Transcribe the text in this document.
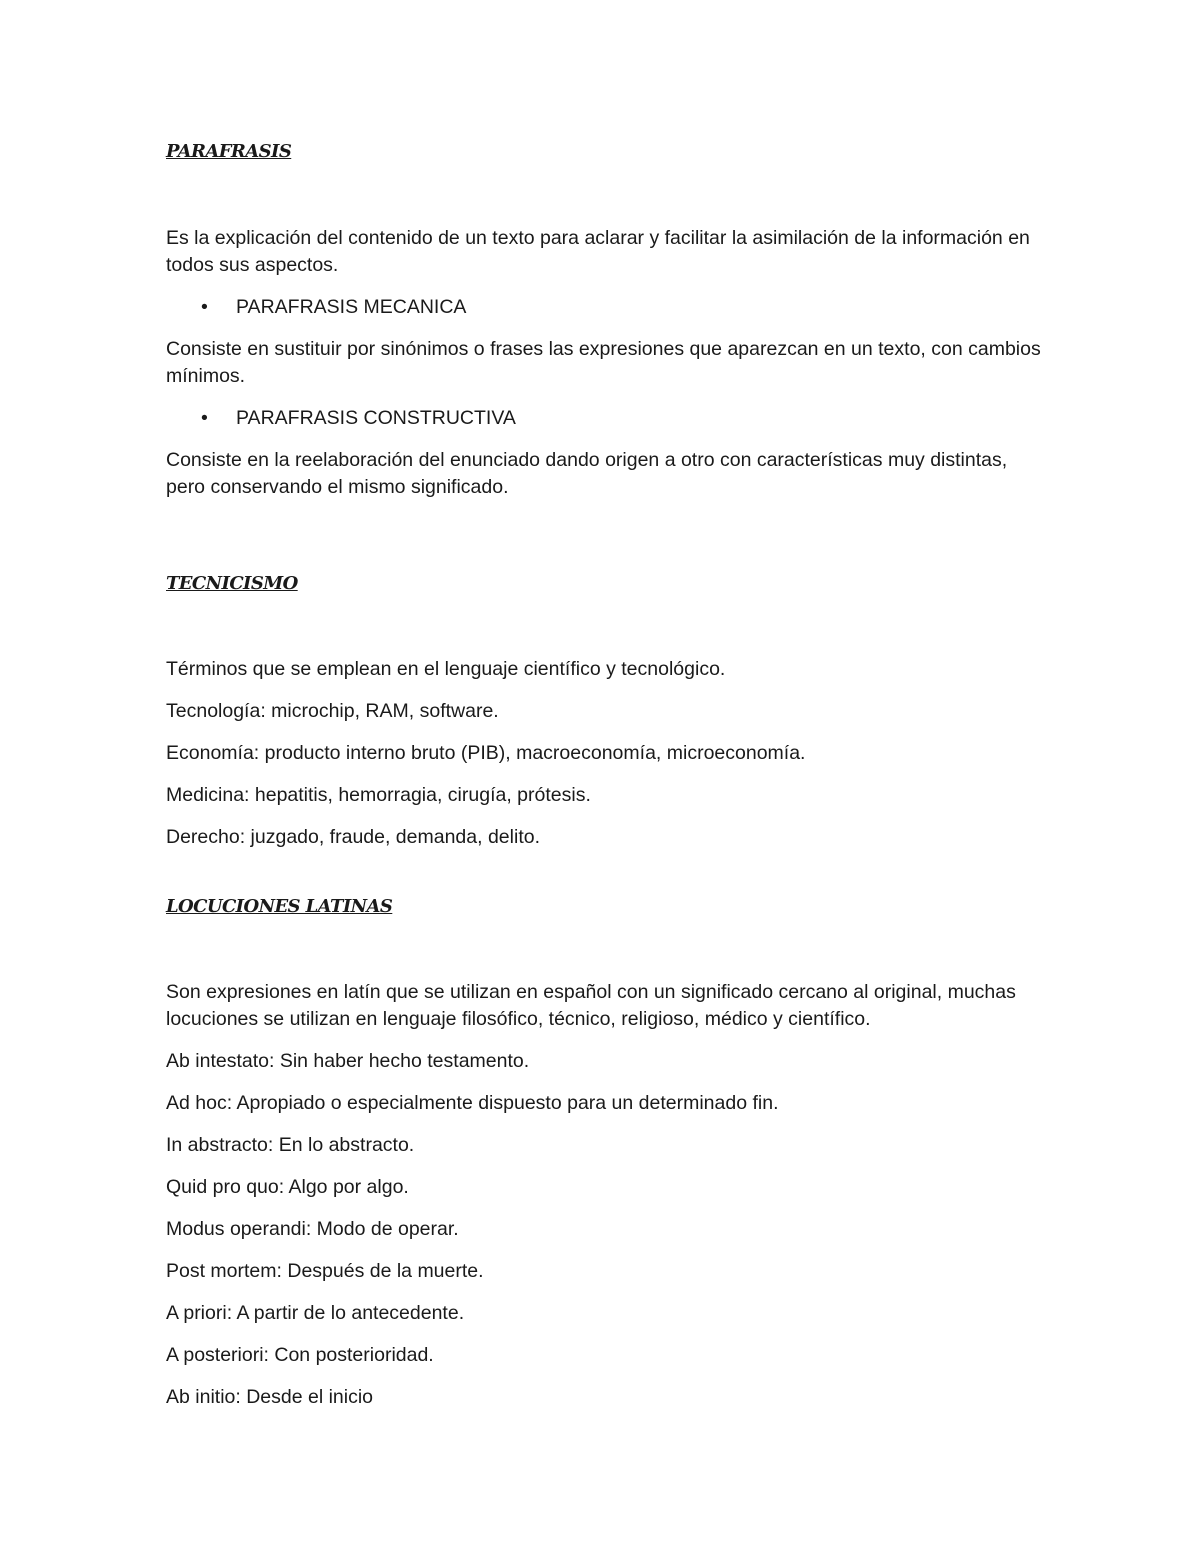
PARAFRASIS

Es la explicación del contenido de un texto para aclarar y facilitar la asimilación de la información en todos sus aspectos.

• PARAFRASIS MECANICA

Consiste en sustituir por sinónimos o frases las expresiones que aparezcan en un texto, con cambios mínimos.

• PARAFRASIS CONSTRUCTIVA

Consiste en la reelaboración del enunciado dando origen a otro con características muy distintas, pero conservando el mismo significado.

TECNICISMO

Términos que se emplean en el lenguaje científico y tecnológico.

Tecnología: microchip, RAM, software.

Economía: producto interno bruto (PIB), macroeconomía, microeconomía.

Medicina: hepatitis, hemorragia, cirugía, prótesis.

Derecho: juzgado, fraude, demanda, delito.

LOCUCIONES LATINAS

Son expresiones en latín que se utilizan en español con un significado cercano al original, muchas locuciones se utilizan en lenguaje filosófico, técnico, religioso, médico y científico.

Ab intestato: Sin haber hecho testamento.

Ad hoc: Apropiado o especialmente dispuesto para un determinado fin.

In abstracto: En lo abstracto.

Quid pro quo: Algo por algo.

Modus operandi: Modo de operar.

Post mortem: Después de la muerte.

A priori: A partir de lo antecedente.

A posteriori: Con posterioridad.

Ab initio: Desde el inicio
